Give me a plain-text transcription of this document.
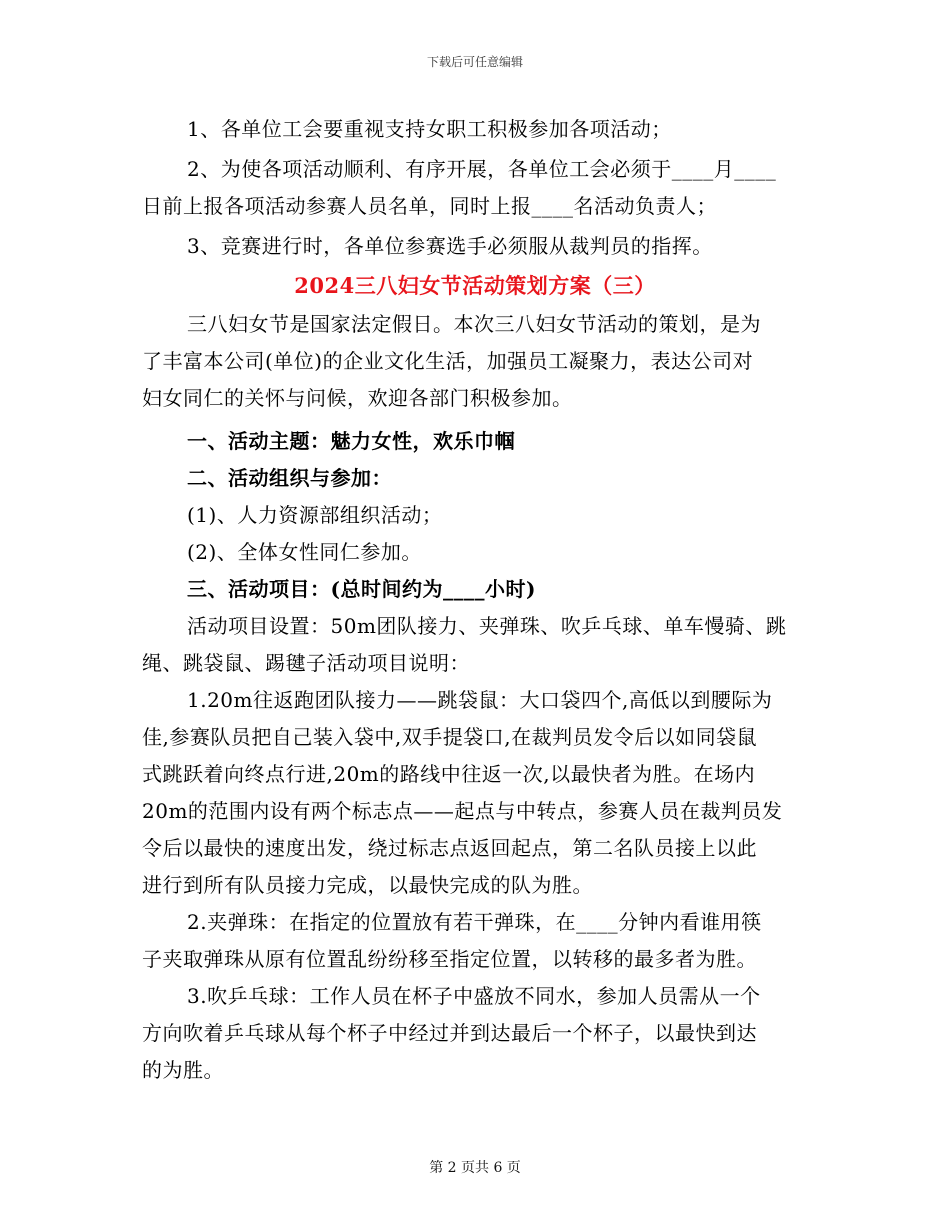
下载后可任意编辑
1、各单位工会要重视支持女职工积极参加各项活动；
2、为使各项活动顺利、有序开展，各单位工会必须于____月____
日前上报各项活动参赛人员名单，同时上报____名活动负责人；
3、竞赛进行时，各单位参赛选手必须服从裁判员的指挥。
2024三八妇女节活动策划方案（三）
三八妇女节是国家法定假日。本次三八妇女节活动的策划，是为
了丰富本公司(单位)的企业文化生活，加强员工凝聚力，表达公司对
妇女同仁的关怀与问候，欢迎各部门积极参加。
一、活动主题：魅力女性，欢乐巾帼
二、活动组织与参加：
(1)、人力资源部组织活动；
(2)、全体女性同仁参加。
三、活动项目：(总时间约为____小时)
活动项目设置：50m团队接力、夹弹珠、吹乒乓球、单车慢骑、跳
绳、跳袋鼠、踢毽子活动项目说明：
1.20m往返跑团队接力——跳袋鼠：大口袋四个,高低以到腰际为
佳,参赛队员把自己装入袋中,双手提袋口,在裁判员发令后以如同袋鼠
式跳跃着向终点行进,20m的路线中往返一次,以最快者为胜。在场内
20m的范围内设有两个标志点——起点与中转点，参赛人员在裁判员发
令后以最快的速度出发，绕过标志点返回起点，第二名队员接上以此
进行到所有队员接力完成，以最快完成的队为胜。
2.夹弹珠：在指定的位置放有若干弹珠，在____分钟内看谁用筷
子夹取弹珠从原有位置乱纷纷移至指定位置，以转移的最多者为胜。
3.吹乒乓球：工作人员在杯子中盛放不同水，参加人员需从一个
方向吹着乒乓球从每个杯子中经过并到达最后一个杯子，以最快到达
的为胜。
第 2 页共 6 页
